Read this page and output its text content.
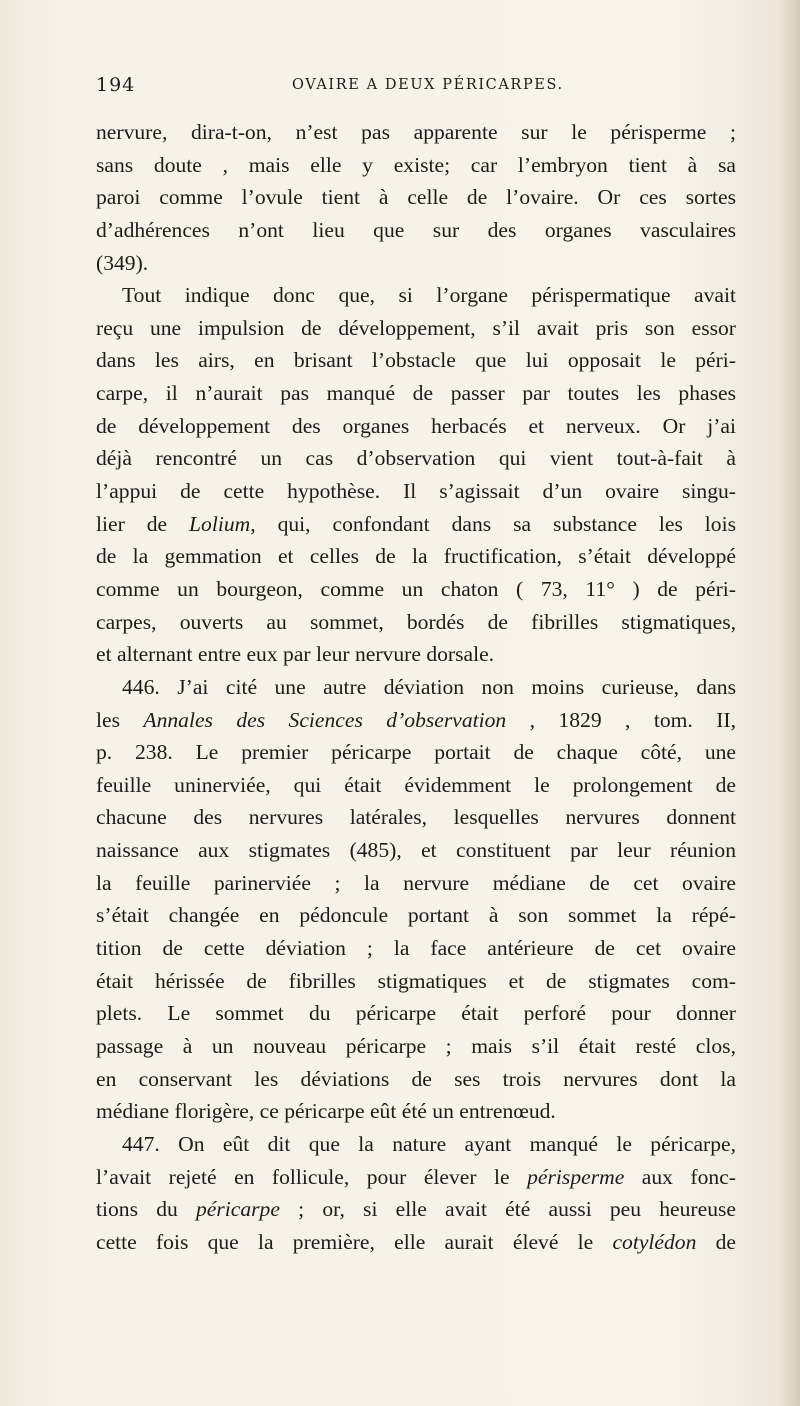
194	OVAIRE A DEUX PÉRICARPES.
nervure, dira-t-on, n’est pas apparente sur le périsperme ;
sans doute , mais elle y existe; car l’embryon tient à sa
paroi comme l’ovule tient à celle de l’ovaire. Or ces sortes
d’adhérences n’ont lieu que sur des organes vasculaires
(349).
Tout indique donc que, si l’organe périspermatique avait
reçu une impulsion de développement, s’il avait pris son essor
dans les airs, en brisant l’obstacle que lui opposait le péri-
carpe, il n’aurait pas manqué de passer par toutes les phases
de développement des organes herbacés et nerveux. Or j’ai
déjà rencontré un cas d’observation qui vient tout-à-fait à
l’appui de cette hypothèse. Il s’agissait d’un ovaire singu-
lier de Lolium, qui, confondant dans sa substance les lois
de la gemmation et celles de la fructification, s’était développé
comme un bourgeon, comme un chaton ( 73, 11° ) de péri-
carpes, ouverts au sommet, bordés de fibrilles stigmatiques,
et alternant entre eux par leur nervure dorsale.
446. J’ai cité une autre déviation non moins curieuse, dans
les Annales des Sciences d’observation , 1829 , tom. II,
p. 238. Le premier péricarpe portait de chaque côté, une
feuille uninerviée, qui était évidemment le prolongement de
chacune des nervures latérales, lesquelles nervures donnent
naissance aux stigmates (485), et constituent par leur réunion
la feuille parinerviée ; la nervure médiane de cet ovaire
s’était changée en pédoncule portant à son sommet la répé-
tition de cette déviation ; la face antérieure de cet ovaire
était hérissée de fibrilles stigmatiques et de stigmates com-
plets. Le sommet du péricarpe était perforé pour donner
passage à un nouveau péricarpe ; mais s’il était resté clos,
en conservant les déviations de ses trois nervures dont la
médiane florigère, ce péricarpe eût été un entrenœud.
447. On eût dit que la nature ayant manqué le péricarpe,
l’avait rejeté en follicule, pour élever le périsperme aux fonc-
tions du péricarpe ; or, si elle avait été aussi peu heureuse
cette fois que la première, elle aurait élevé le cotylédon de
